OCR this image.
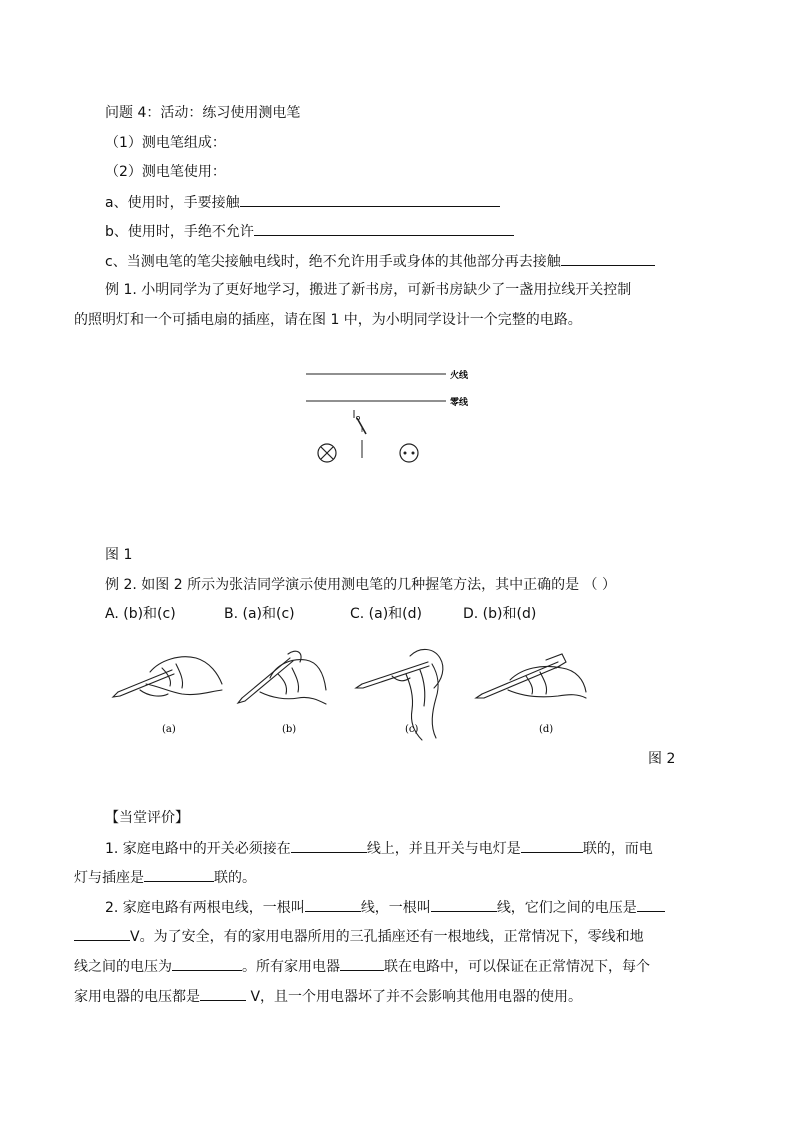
问题 4：活动：练习使用测电笔
（1）测电笔组成：
（2）测电笔使用：
a、使用时，手要接触
b、使用时，手绝不允许
c、当测电笔的笔尖接触电线时，绝不允许用手或身体的其他部分再去接触
例 1. 小明同学为了更好地学习，搬进了新书房，可新书房缺少了一盏用拉线开关控制
的照明灯和一个可插电扇的插座，请在图 1 中，为小明同学设计一个完整的电路。
火线
零线
图 1
例 2. 如图 2 所示为张洁同学演示使用测电笔的几种握笔方法，其中正确的是 （ ）
A. (b)和(c)	B. (a)和(c)	C. (a)和(d)	D. (b)和(d)
(a)	(b)	(c)	(d)
图 2
【当堂评价】
1. 家庭电路中的开关必须接在	线上，并且开关与电灯是	联的，而电
灯与插座是	联的。
2. 家庭电路有两根电线，一根叫	线，一根叫	线，它们之间的电压是
V。为了安全，有的家用电器所用的三孔插座还有一根地线，正常情况下，零线和地
线之间的电压为	。所有家用电器	联在电路中，可以保证在正常情况下，每个
家用电器的电压都是	V，且一个用电器坏了并不会影响其他用电器的使用。
